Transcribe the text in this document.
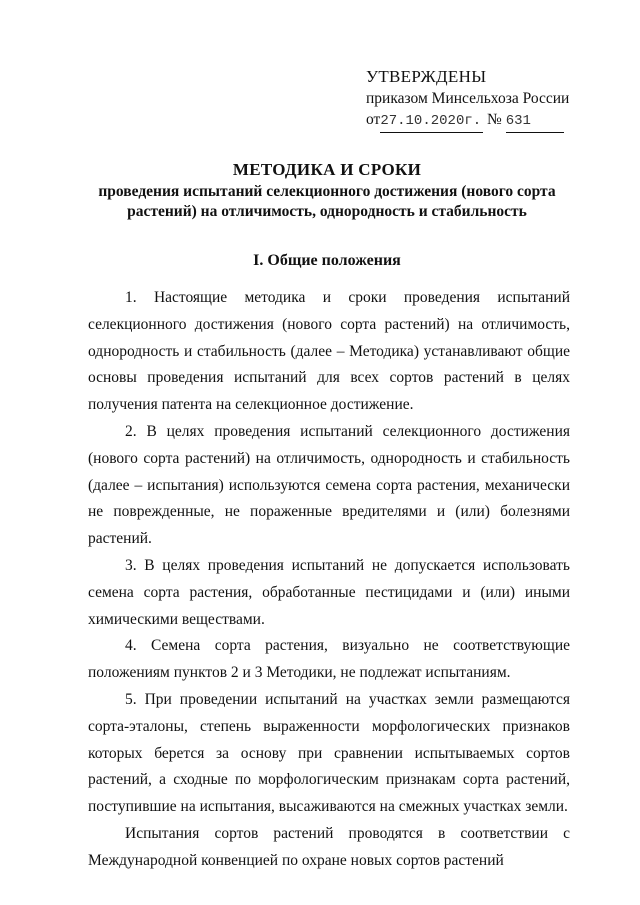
УТВЕРЖДЕНЫ
приказом Минсельхоза России
от27.10.2020г. № 631
МЕТОДИКА И СРОКИ
проведения испытаний селекционного достижения (нового сорта растений) на отличимость, однородность и стабильность
I. Общие положения

1. Настоящие методика и сроки проведения испытаний селекционного достижения (нового сорта растений) на отличимость, однородность и стабильность (далее – Методика) устанавливают общие основы проведения испытаний для всех сортов растений в целях получения патента на селекционное достижение.

2. В целях проведения испытаний селекционного достижения (нового сорта растений) на отличимость, однородность и стабильность (далее – испытания) используются семена сорта растения, механически не поврежденные, не пораженные вредителями и (или) болезнями растений.

3. В целях проведения испытаний не допускается использовать семена сорта растения, обработанные пестицидами и (или) иными химическими веществами.

4. Семена сорта растения, визуально не соответствующие положениям пунктов 2 и 3 Методики, не подлежат испытаниям.

5. При проведении испытаний на участках земли размещаются сорта-эталоны, степень выраженности морфологических признаков которых берется за основу при сравнении испытываемых сортов растений, а сходные по морфологическим признакам сорта растений, поступившие на испытания, высаживаются на смежных участках земли.

Испытания сортов растений проводятся в соответствии с Международной конвенцией по охране новых сортов растений
